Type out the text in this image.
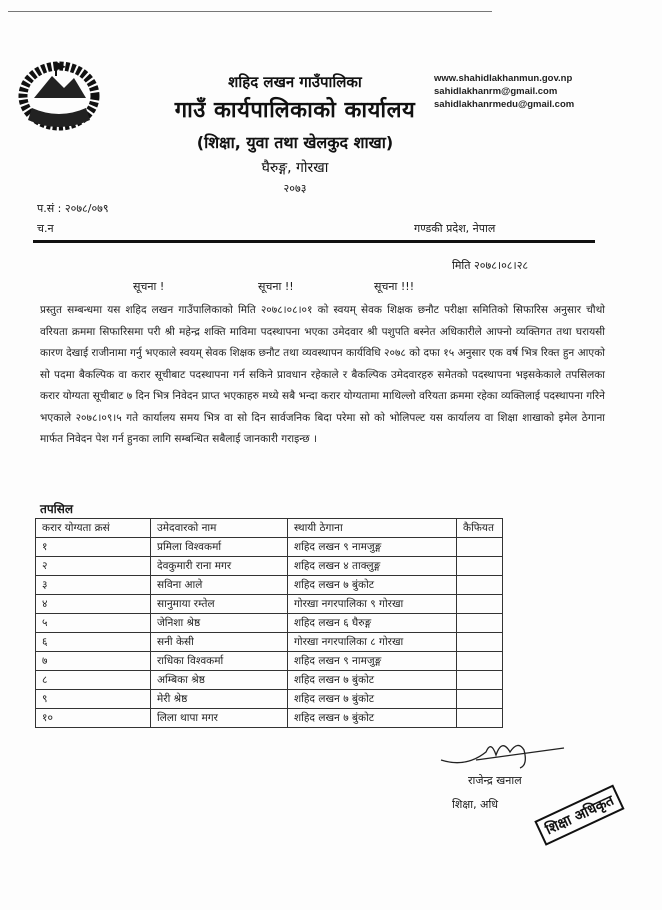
शहिद लखन गाउँपालिका
गाउँ कार्यपालिकाको कार्यालय
(शिक्षा, युवा तथा खेलकुद शाखा)
घैरुङ्ग, गोरखा
२०७३
www.shahidlakhanmun.gov.np
sahidlakhanrm@gmail.com
sahidlakhanrmedu@gmail.com
प.सं : २०७८/०७९
च.न	गण्डकी प्रदेश, नेपाल
मिति २०७८।०८।२८
सूचना !	सूचना !!	सूचना !!!
प्रस्तुत सम्बन्धमा यस शहिद लखन गाउँपालिकाको मिति २०७८।०८।०१ को स्वयम् सेवक शिक्षक छनौट परीक्षा समितिको सिफारिस अनुसार चौथो वरियता क्रममा सिफारिसमा परी श्री महेन्द्र शक्ति माविमा पदस्थापना भएका उमेदवार श्री पशुपति बस्नेत अधिकारीले आफ्नो व्यक्तिगत तथा घरायसी कारण देखाई राजीनामा गर्नु भएकाले स्वयम् सेवक शिक्षक छनौट तथा व्यवस्थापन कार्यविधि २०७८ को दफा १५ अनुसार एक वर्ष भित्र रिक्त हुन आएको सो पदमा बैकल्पिक वा करार सूचीबाट पदस्थापना गर्न सकिने प्रावधान रहेकाले र बैकल्पिक उमेदवारहरु समेतको पदस्थापना भइसकेकाले तपसिलका करार योग्यता सूचीबाट ७ दिन भित्र निवेदन प्राप्त भएकाहरु मध्ये सबै भन्दा करार योग्यतामा माथिल्लो वरियता क्रममा रहेका व्यक्तिलाई पदस्थापना गरिने भएकाले २०७८।०९।५ गते कार्यालय समय भित्र वा सो दिन सार्वजनिक बिदा परेमा सो को भोलिपल्ट यस कार्यालय वा शिक्षा शाखाको इमेल ठेगाना मार्फत निवेदन पेश गर्न हुनका लागि सम्बन्धित सबैलाई जानकारी गराइन्छ ।
तपसिल
करार योग्यता क्रसं	उमेदवारको नाम	स्थायी ठेगाना	कैफियत
१	प्रमिला विश्वकर्मा	शहिद लखन ९ नामजुङ्ग	
२	देवकुमारी राना मगर	शहिद लखन ४ ताक्लुङ्ग	
३	सविना आले	शहिद लखन ७ बुंकोट	
४	सानुमाया रम्तेल	गोरखा नगरपालिका ९ गोरखा	
५	जेनिशा श्रेष्ठ	शहिद लखन ६ घैरुङ्ग	
६	सनी केसी	गोरखा नगरपालिका ८ गोरखा	
७	राधिका विश्वकर्मा	शहिद लखन ९ नामजुङ्ग	
८	अम्बिका श्रेष्ठ	शहिद लखन ७ बुंकोट	
९	मेरी श्रेष्ठ	शहिद लखन ७ बुंकोट	
१०	लिला थापा मगर	शहिद लखन ७ बुंकोट	
राजेन्द्र खनाल
शिक्षा, अधि	शिक्षा अधिकृत
